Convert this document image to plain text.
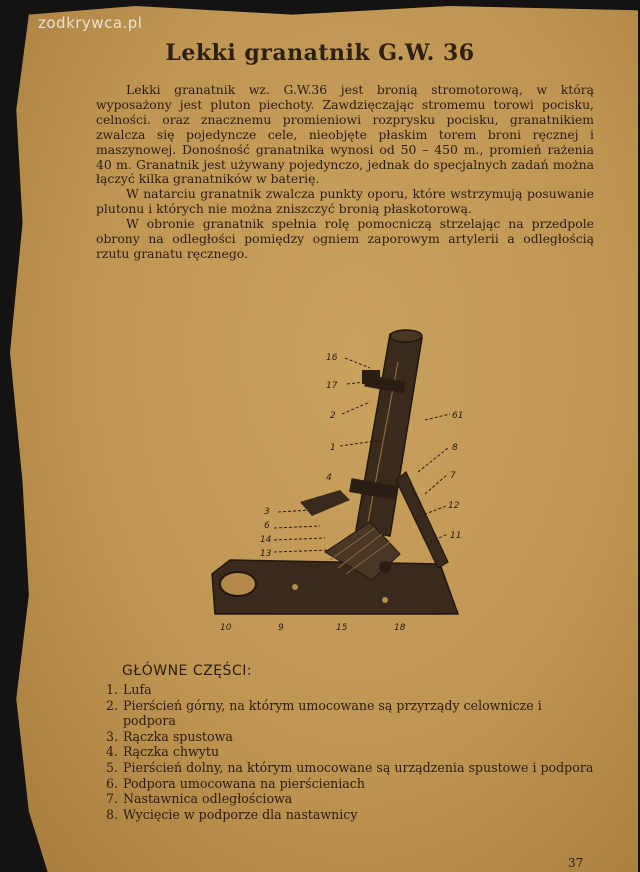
zodkrywca.pl
Lekki granatnik G.W. 36

Lekki granatnik wz. G.W.36 jest bronią stromotorową, w którą wyposażony jest pluton piechoty. Zawdzięczając stromemu torowi pocisku, celności. oraz znacznemu promieniowi rozprysku pocisku, granatnikiem zwalcza się pojedyncze cele, nieobjęte płaskim torem broni ręcznej i maszynowej. Donośność granatnika wynosi od 50 – 450 m., promień rażenia 40 m. Granatnik jest używany pojedynczo, jednak do specjalnych zadań można łączyć kilka granatników w baterię.

W natarciu granatnik zwalcza punkty oporu, które wstrzymują posuwanie plutonu i których nie można zniszczyć bronią płaskotorową.

W obronie granatnik spełnia rolę pomocniczą strzelając na przedpole obrony na odległości pomiędzy ogniem zaporowym artylerii a odległością rzutu granatu ręcznego.

16
17
2
1
4
3
6
14
13
61
8
7
12
11
10	9	15	18
GŁÓWNE CZĘŚCI:
1. Lufa
2. Pierścień górny, na którym umocowane są przyrządy celownicze i podpora
3. Rączka spustowa
4. Rączka chwytu
5. Pierścień dolny, na którym umocowane są urządzenia spustowe i podpora
6. Podpora umocowana na pierścieniach
7. Nastawnica odległościowa
8. Wycięcie w podporze dla nastawnicy
37
